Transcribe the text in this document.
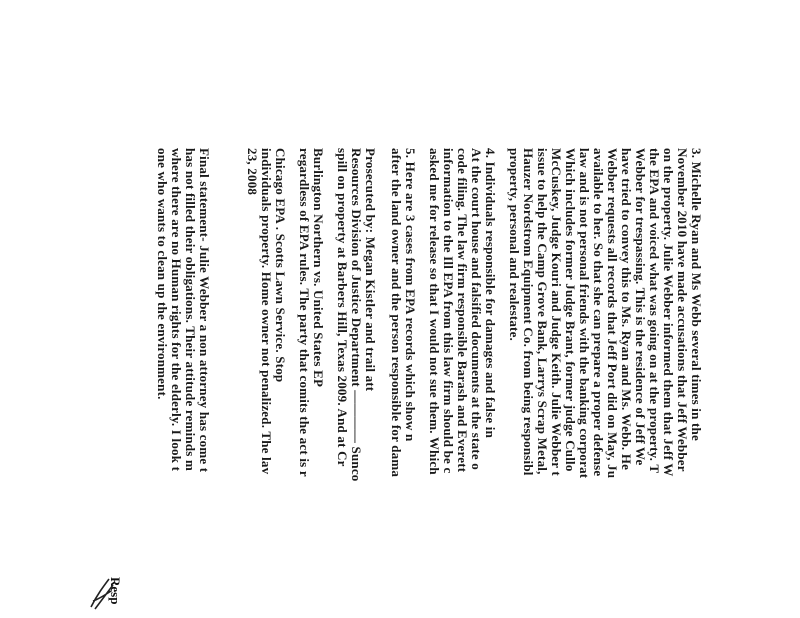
3. Michelle Ryan and Ms Webb several times in the
November 2010 have made accusations that Jeff Webber
on the property. Julie Webber informed them that Jeff W
the EPA and voiced what was going on at the property. T
Webber for trespassing. This is the residence of Jeff We
have tried to convey this to Ms. Ryan and Ms. Webb. He
Webber requests all records that Jeff Port did on May, Ju
available to her. So that she can prepare a proper defense
law and is not personal friends with the banking corporat
Which includes former Judge Brant, former judge Cullo
McCuskey, Judge Kouri and Judge Keith. Julie Webber t
issue to help the Camp Grove Bank, Larrys Scrap Metal,
Hauzer Nordstrom Equipment Co. from being responsibl
property, personal and realestate.
4. Individuals responsible for damages and false in
At the court house and falsified documents at the state o
code filing. The law firm responsible Barash and Everett
information to the Ill EPA from this law firm should be c
asked me for release so that I would not sue them. Which
5. Here are 3 cases from EPA records which show n
after the land owner and the person responsible for dama
Prosecuted by: Megan Kistler and trail att
Resources Division of Justice Department ———— Sunco
spill on property at Barbers Hill, Texas 2009. And at Cr
Burlington Northern vs. United States EP
regardless of EPA rules. The party that comits the act is r
Chicago EPA . Scotts Lawn Service. Stop
individuals property. Home owner not penalized. The lav
23, 2008
Final statement- Julie Webber a non attorney has come t
has not filled their obligations. Their attitude reminds m
where there are no Human rights for the elderly. I look t
one who wants to clean up the environment.
Resp
